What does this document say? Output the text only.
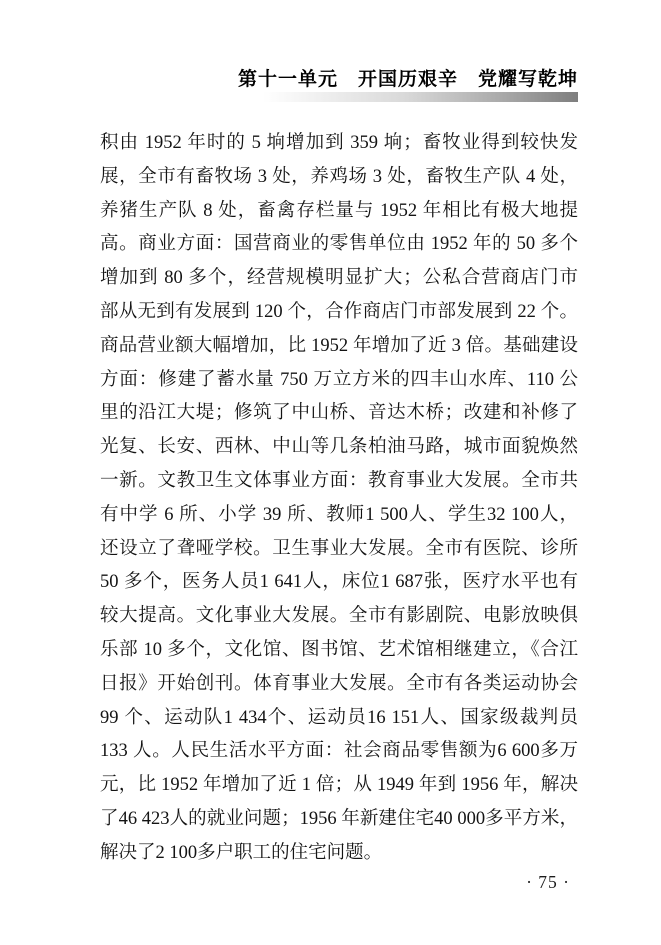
第十一单元　开国历艰辛　党耀写乾坤
积由 1952 年时的 5 垧增加到 359 垧；畜牧业得到较快发
展，全市有畜牧场 3 处，养鸡场 3 处，畜牧生产队 4 处，
养猪生产队 8 处，畜禽存栏量与 1952 年相比有极大地提
高。商业方面：国营商业的零售单位由 1952 年的 50 多个
增加到 80 多个，经营规模明显扩大；公私合营商店门市
部从无到有发展到 120 个，合作商店门市部发展到 22 个。
商品营业额大幅增加，比 1952 年增加了近 3 倍。基础建设
方面：修建了蓄水量 750 万立方米的四丰山水库、110 公
里的沿江大堤；修筑了中山桥、音达木桥；改建和补修了
光复、长安、西林、中山等几条柏油马路，城市面貌焕然
一新。文教卫生文体事业方面：教育事业大发展。全市共
有中学 6 所、小学 39 所、教师1 500人、学生32 100人，
还设立了聋哑学校。卫生事业大发展。全市有医院、诊所
50 多个，医务人员1 641人，床位1 687张，医疗水平也有
较大提高。文化事业大发展。全市有影剧院、电影放映俱
乐部 10 多个，文化馆、图书馆、艺术馆相继建立，《合江
日报》开始创刊。体育事业大发展。全市有各类运动协会
99 个、运动队1 434个、运动员16 151人、国家级裁判员
133 人。人民生活水平方面：社会商品零售额为6 600多万
元，比 1952 年增加了近 1 倍；从 1949 年到 1956 年，解决
了46 423人的就业问题；1956 年新建住宅40 000多平方米，
解决了2 100多户职工的住宅问题。
· 75 ·
